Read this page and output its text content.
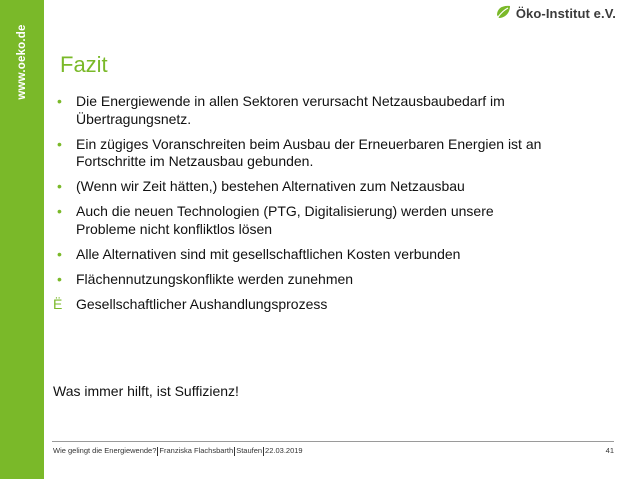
www.oeko.de
Öko-Institut e.V.
Fazit
•	Die Energiewende in allen Sektoren verursacht Netzausbaubedarf im
Übertragungsnetz.
•	Ein zügiges Voranschreiten beim Ausbau der Erneuerbaren Energien ist an
Fortschritte im Netzausbau gebunden.
•	(Wenn wir Zeit hätten,) bestehen Alternativen zum Netzausbau
•	Auch die neuen Technologien (PTG, Digitalisierung) werden unsere
Probleme nicht konfliktlos lösen
•	Alle Alternativen sind mit gesellschaftlichen Kosten verbunden
•	Flächennutzungskonflikte werden zunehmen
Ë Gesellschaftlicher Aushandlungsprozess
Was immer hilft, ist Suffizienz!
Wie gelingt die Energiewende? Franziska Flachsbarth Staufen 22.03.2019	41
